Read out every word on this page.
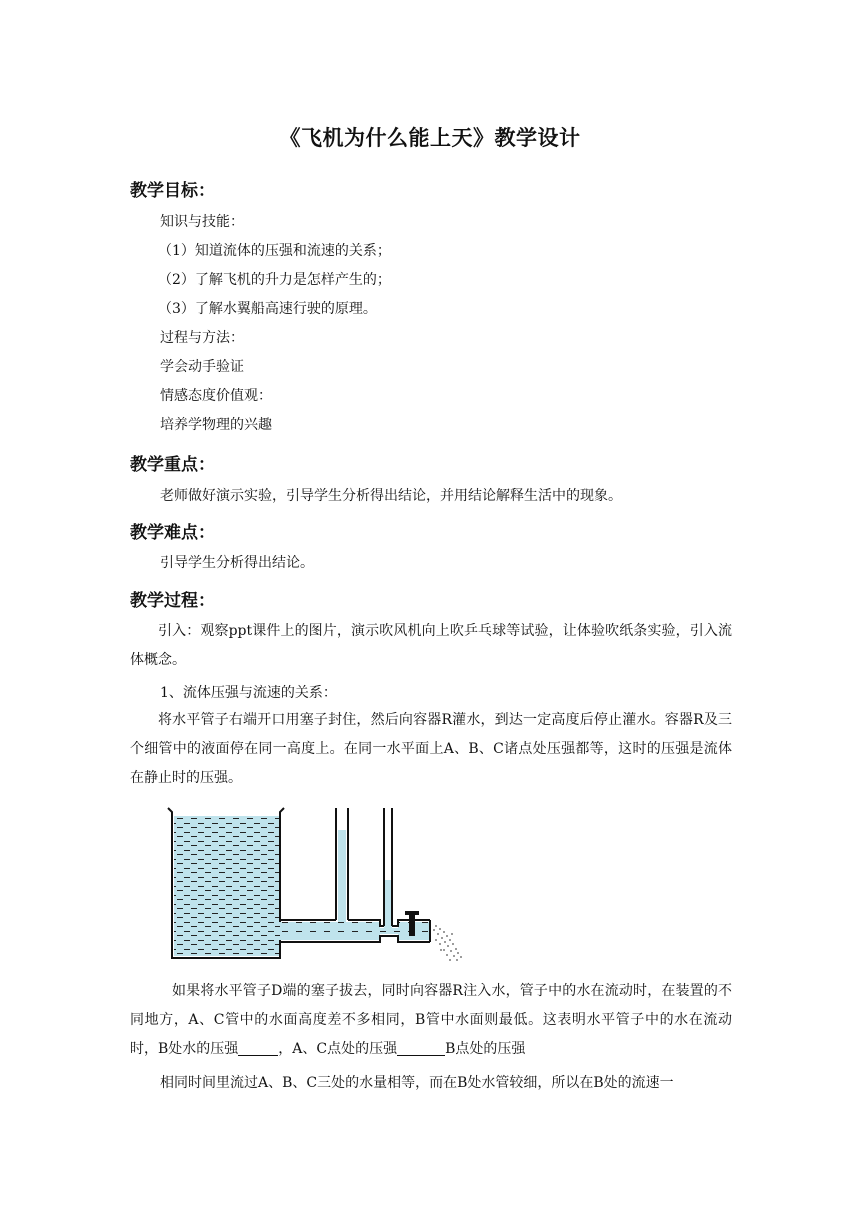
《飞机为什么能上天》教学设计
教学目标：
知识与技能：
（1）知道流体的压强和流速的关系；
（2）了解飞机的升力是怎样产生的；
（3）了解水翼船高速行驶的原理。
过程与方法：
学会动手验证
情感态度价值观：
培养学物理的兴趣
教学重点：
老师做好演示实验，引导学生分析得出结论，并用结论解释生活中的现象。
教学难点：
引导学生分析得出结论。
教学过程：
引入：观察ppt课件上的图片，演示吹风机向上吹乒乓球等试验，让体验吹纸条实验，引入流体概念。
1、流体压强与流速的关系：
将水平管子右端开口用塞子封住，然后向容器R灌水，到达一定高度后停止灌水。容器R及三个细管中的液面停在同一高度上。在同一水平面上A、B、C诸点处压强都等，这时的压强是流体在静止时的压强。
如果将水平管子D端的塞子拔去，同时向容器R注入水，管子中的水在流动时，在装置的不同地方，A、C管中的水面高度差不多相同，B管中水面则最低。这表明水平管子中的水在流动时，B处水的压强	，A、C点处的压强	B点处的压强
相同时间里流过A、B、C三处的水量相等，而在B处水管较细，所以在B处的流速一
